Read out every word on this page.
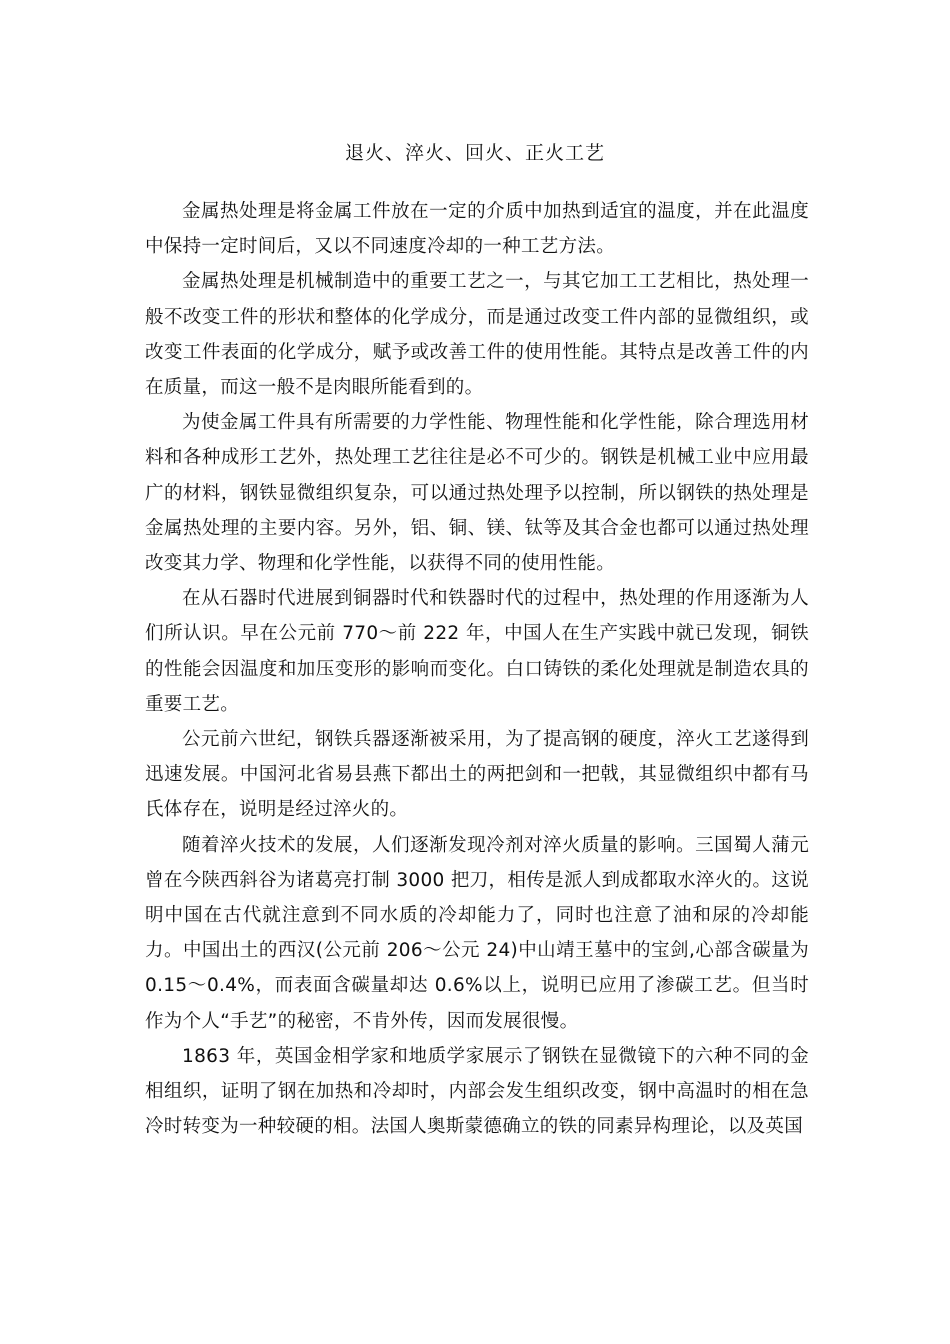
退火、淬火、回火、正火工艺

金属热处理是将金属工件放在一定的介质中加热到适宜的温度，并在此温度中保持一定时间后，又以不同速度冷却的一种工艺方法。

金属热处理是机械制造中的重要工艺之一，与其它加工工艺相比，热处理一般不改变工件的形状和整体的化学成分，而是通过改变工件内部的显微组织，或改变工件表面的化学成分，赋予或改善工件的使用性能。其特点是改善工件的内在质量，而这一般不是肉眼所能看到的。

为使金属工件具有所需要的力学性能、物理性能和化学性能，除合理选用材料和各种成形工艺外，热处理工艺往往是必不可少的。钢铁是机械工业中应用最广的材料，钢铁显微组织复杂，可以通过热处理予以控制，所以钢铁的热处理是金属热处理的主要内容。另外，铝、铜、镁、钛等及其合金也都可以通过热处理改变其力学、物理和化学性能，以获得不同的使用性能。

在从石器时代进展到铜器时代和铁器时代的过程中，热处理的作用逐渐为人们所认识。早在公元前 770～前 222 年，中国人在生产实践中就已发现，铜铁的性能会因温度和加压变形的影响而变化。白口铸铁的柔化处理就是制造农具的重要工艺。

公元前六世纪，钢铁兵器逐渐被采用，为了提高钢的硬度，淬火工艺遂得到迅速发展。中国河北省易县燕下都出土的两把剑和一把戟，其显微组织中都有马氏体存在，说明是经过淬火的。

随着淬火技术的发展，人们逐渐发现冷剂对淬火质量的影响。三国蜀人蒲元曾在今陕西斜谷为诸葛亮打制 3000 把刀，相传是派人到成都取水淬火的。这说明中国在古代就注意到不同水质的冷却能力了，同时也注意了油和尿的冷却能力。中国出土的西汉(公元前 206～公元 24)中山靖王墓中的宝剑,心部含碳量为 0.15～0.4%，而表面含碳量却达 0.6%以上，说明已应用了渗碳工艺。但当时作为个人“手艺”的秘密，不肯外传，因而发展很慢。

1863 年，英国金相学家和地质学家展示了钢铁在显微镜下的六种不同的金相组织，证明了钢在加热和冷却时，内部会发生组织改变，钢中高温时的相在急冷时转变为一种较硬的相。法国人奥斯蒙德确立的铁的同素异构理论，以及英国
